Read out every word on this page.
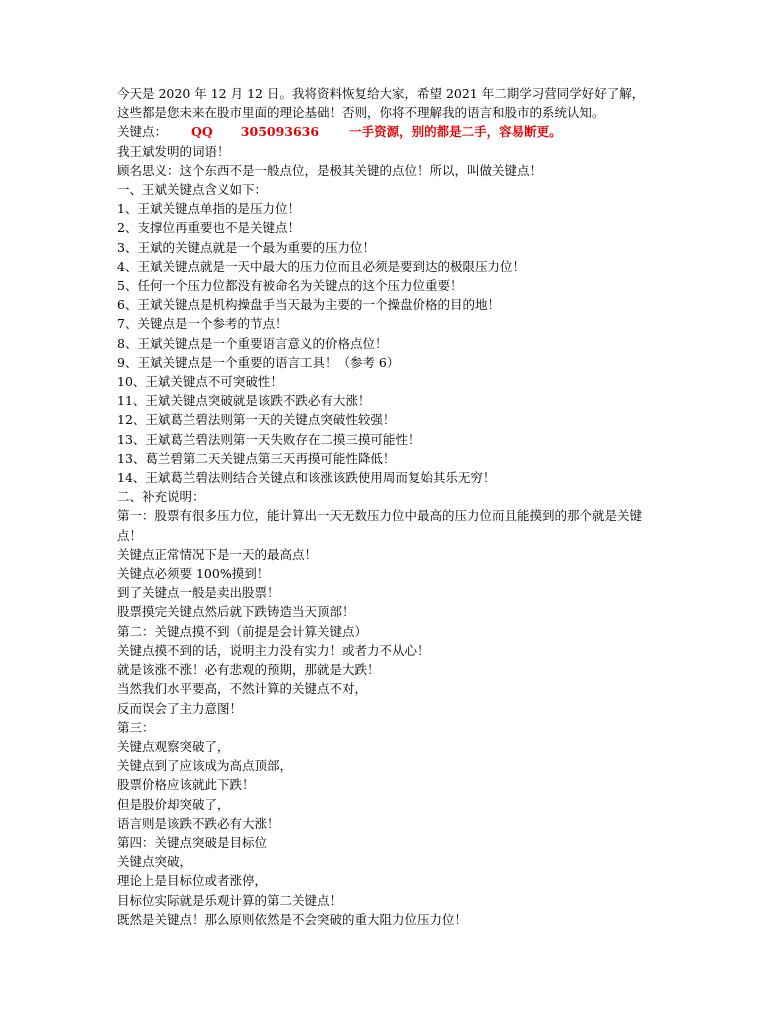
今天是 2020 年 12 月 12 日。我将资料恢复给大家，希望 2021 年二期学习营同学好好了解，

这些都是您未来在股市里面的理论基础！否则，你将不理解我的语言和股市的系统认知。

关键点： QQ 305093636 一手资源，别的都是二手，容易断更。

我王斌发明的词语！

顾名思义：这个东西不是一般点位，是极其关键的点位！所以，叫做关键点！

一、王斌关键点含义如下：

1、王斌关键点单指的是压力位！

2、支撑位再重要也不是关键点！

3、王斌的关键点就是一个最为重要的压力位！

4、王斌关键点就是一天中最大的压力位而且必须是要到达的极限压力位！

5、任何一个压力位都没有被命名为关键点的这个压力位重要！

6、王斌关键点是机构操盘手当天最为主要的一个操盘价格的目的地！

7、关键点是一个参考的节点！

8、王斌关键点是一个重要语言意义的价格点位！

9、王斌关键点是一个重要的语言工具！（参考 6）

10、王斌关键点不可突破性！

11、王斌关键点突破就是该跌不跌必有大涨！

12、王斌葛兰碧法则第一天的关键点突破性较强！

13、王斌葛兰碧法则第一天失败存在二摸三摸可能性！

13、葛兰碧第二天关键点第三天再摸可能性降低！

14、王斌葛兰碧法则结合关键点和该涨该跌使用周而复始其乐无穷！

二、补充说明：

第一：股票有很多压力位，能计算出一天无数压力位中最高的压力位而且能摸到的那个就是关键点！

关键点正常情况下是一天的最高点！

关键点必须要 100%摸到！

到了关键点一般是卖出股票！

股票摸完关键点然后就下跌铸造当天顶部！

第二：关键点摸不到（前提是会计算关键点）

关键点摸不到的话，说明主力没有实力！或者力不从心！

就是该涨不涨！必有悲观的预期，那就是大跌！

当然我们水平要高，不然计算的关键点不对，

反而误会了主力意图！

第三：

关键点观察突破了，

关键点到了应该成为高点顶部，

股票价格应该就此下跌！

但是股价却突破了，

语言则是该跌不跌必有大涨！

第四：关键点突破是目标位

关键点突破，

理论上是目标位或者涨停，

目标位实际就是乐观计算的第二关键点！

既然是关键点！那么原则依然是不会突破的重大阻力位压力位！
